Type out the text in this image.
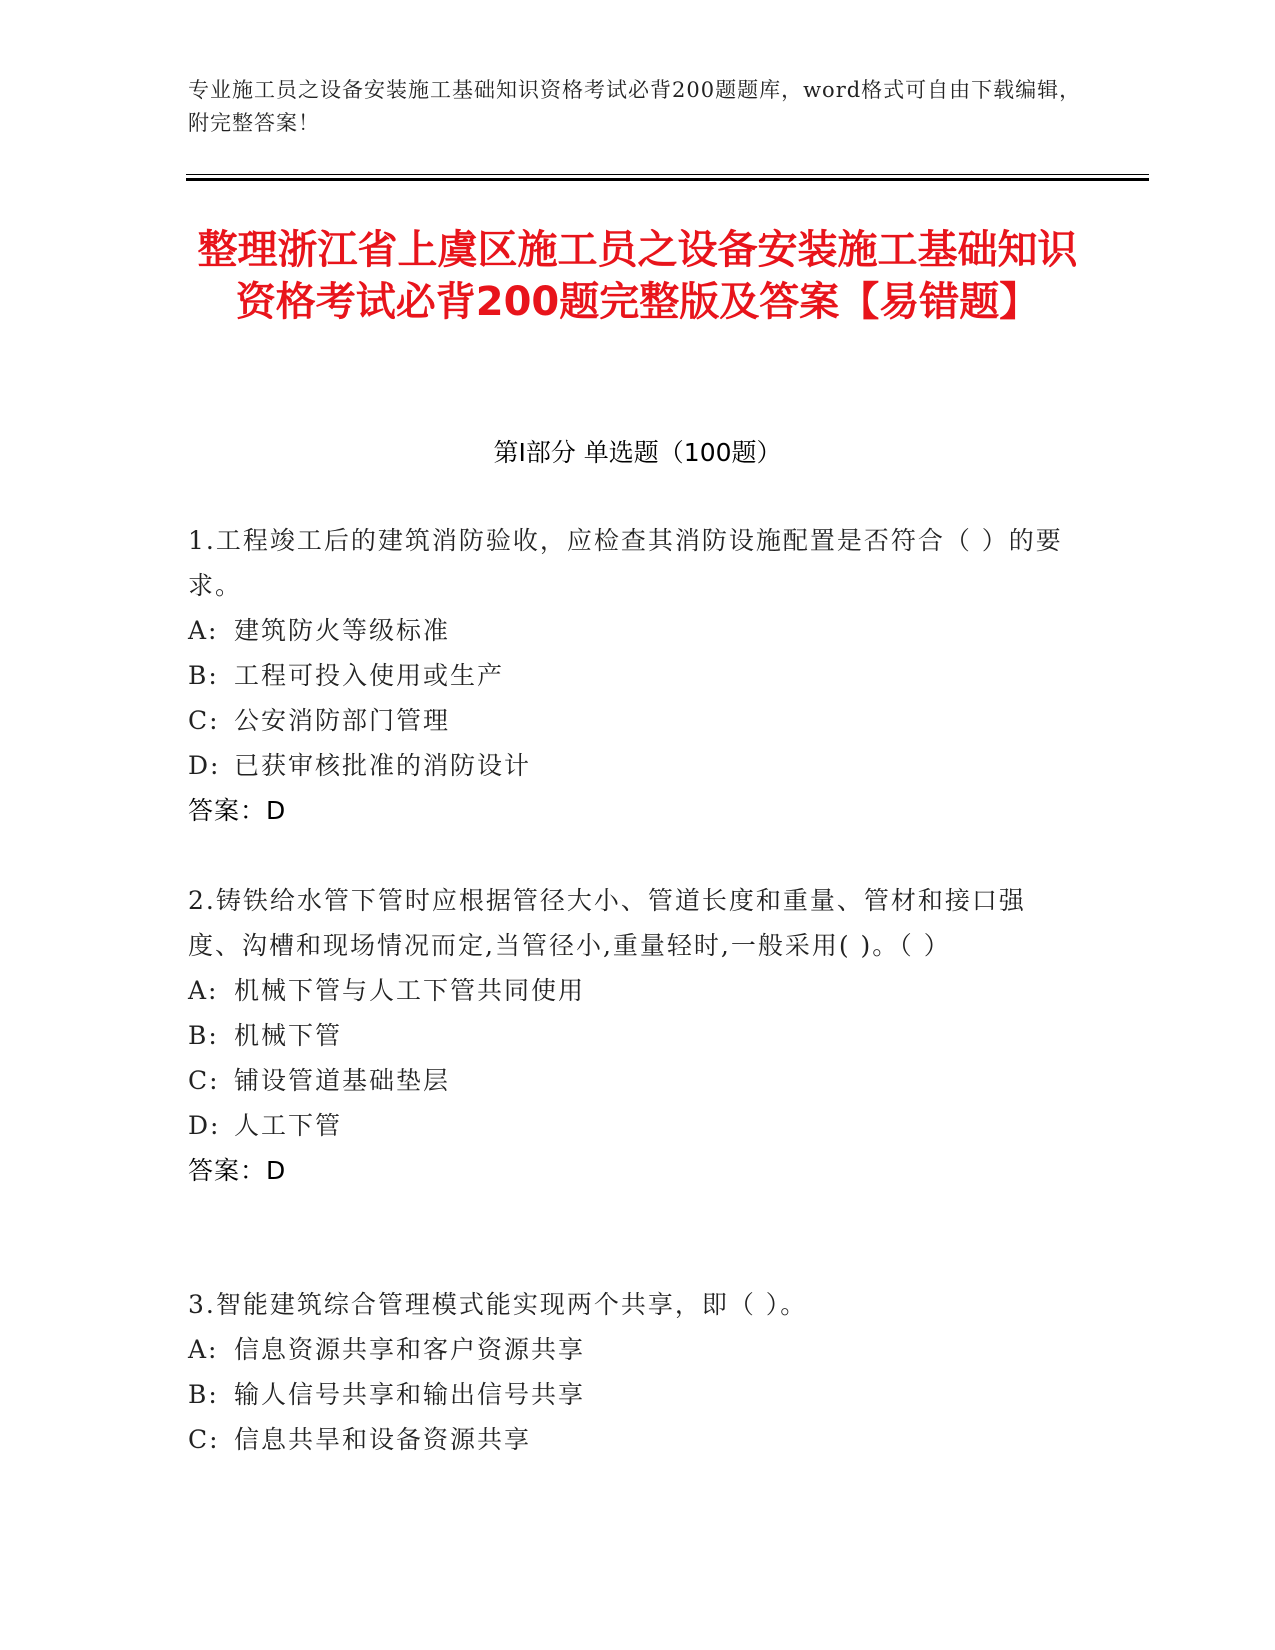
专业施工员之设备安装施工基础知识资格考试必背200题题库，word格式可自由下载编辑，附完整答案！
整理浙江省上虞区施工员之设备安装施工基础知识资格考试必背200题完整版及答案【易错题】
第Ⅰ部分 单选题（100题）
1.工程竣工后的建筑消防验收，应检查其消防设施配置是否符合（ ）的要求。
A: 建筑防火等级标准
B: 工程可投入使用或生产
C: 公安消防部门管理
D: 已获审核批准的消防设计
答案：D
2.铸铁给水管下管时应根据管径大小、管道长度和重量、管材和接口强度、沟槽和现场情况而定,当管径小,重量轻时,一般采用( )。（ ）
A: 机械下管与人工下管共同使用
B: 机械下管
C: 铺设管道基础垫层
D: 人工下管
答案：D
3.智能建筑综合管理模式能实现两个共享，即（ ）。
A: 信息资源共享和客户资源共享
B: 输人信号共享和输出信号共享
C: 信息共旱和设备资源共享
